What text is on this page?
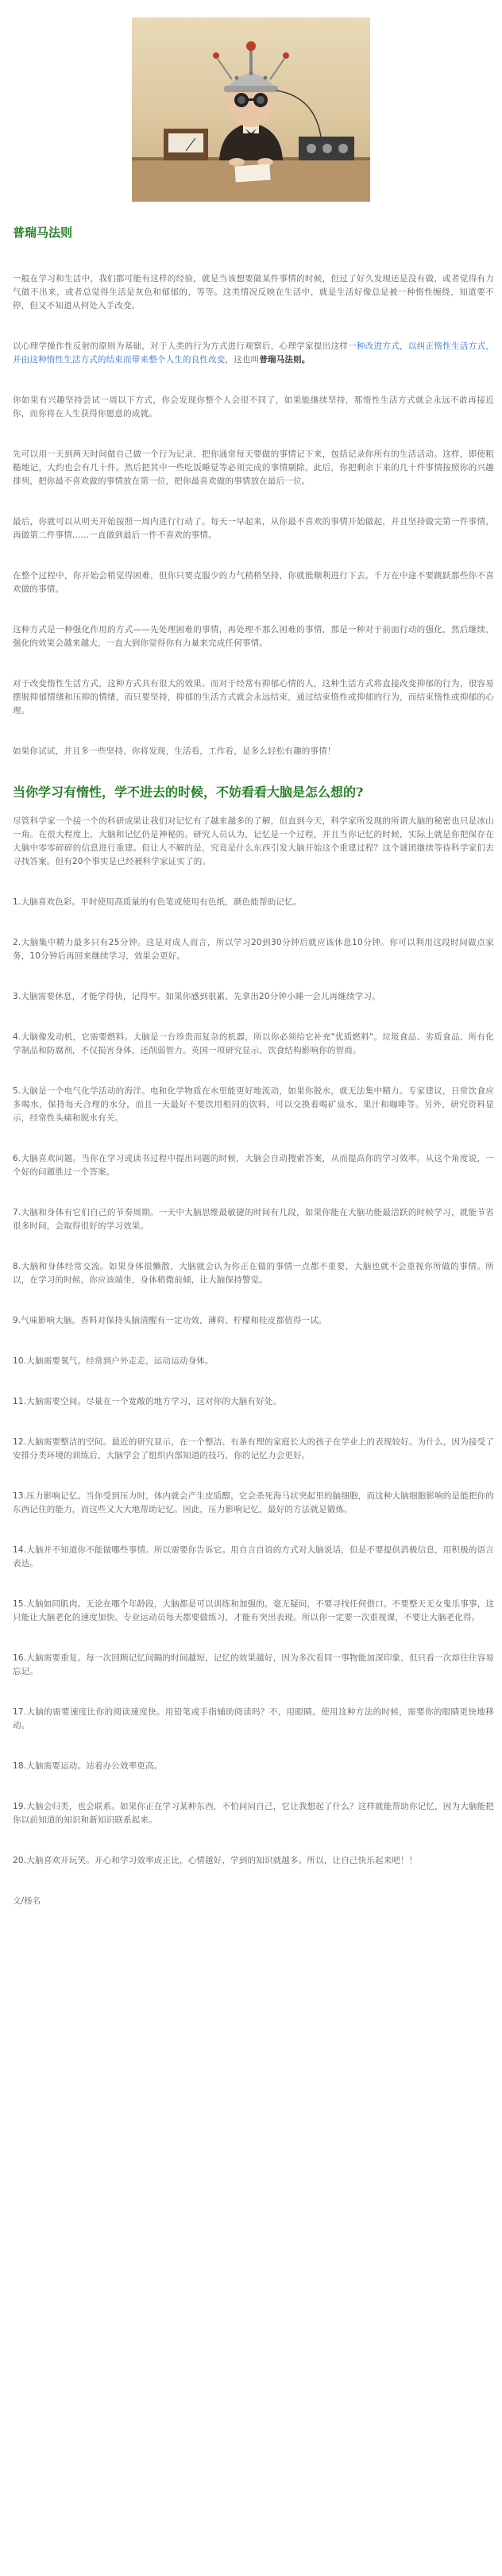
普瑞马法则

一般在学习和生活中，我们都可能有这样的经验，就是当该想要做某件事情的时候，但过了好久发现还是没有做，或者觉得有力气做不出来，或者总觉得生活是灰色和郁郁的，等等。这类情况反映在生活中，就是生活好像总是被一种惰性缠绕，知道要不停，但又不知道从何处入手改变。

以心理学操作性反射的原则为基础，对于人类的行为方式进行观察后，心理学家提出这样一种改进方式，以纠正惰性生活方式，并由这种惰性生活方式的结束而带来整个人生的良性改变，这也叫普瑞马法则。

你如果有兴趣坚持尝试一周以下方式，你会发现你整个人会很不同了，如果能继续坚持，那惰性生活方式就会永远不敢再接近你，而你将在人生获得你愿意的成就。

先可以用一天到两天时间做自己做一个行为记录，把你通常每天要做的事情记下来，包括记录你所有的生活活动。这样，即使粗糙地记，大约也会有几十件。然后把其中一些吃饭睡觉等必须完成的事情剔除。此后，你把剩余下来的几十件事情按照你的兴趣排列，把你最不喜欢做的事情放在第一位，把你最喜欢做的事情放在最后一位。

最后，你就可以从明天开始按照一周内进行行动了。每天一早起来，从你最不喜欢的事情开始做起，并且坚持做完第一件事情，再做第二件事情……一直做到最后一件不喜欢的事情。

在整个过程中，你开始会稍觉得困难，但你只要克服少的力气稍稍坚持，你就能顺利进行下去。千万在中途不要跳跃那些你不喜欢做的事情。

这种方式是一种强化作用的方式——先处理困难的事情，再处理不那么困难的事情，那是一种对于前面行动的强化，然后继续，强化的效果会越来越大，一直大到你觉得你有力量来完成任何事情。

对于改变惰性生活方式，这种方式具有很大的效果。而对于经常有抑郁心情的人，这种生活方式将直接改变抑郁的行为，很容易摆脱抑郁情绪和压抑的情绪，而只要坚持，抑郁的生活方式就会永远结束，通过结束惰性或抑郁的行为，而结束惰性或抑郁的心理。

如果你试试，并且多一些坚持，你将发现，生活看，工作看，是多么轻松有趣的事情！

当你学习有惰性，学不进去的时候，不妨看看大脑是怎么想的?

尽管科学家一个接一个的科研成果让我们对记忆有了越来越多的了解，但直到今天，科学家所发现的所谓大脑的秘密也只是冰山一角。在很大程度上，大脑和记忆仍是神秘的。研究人员认为，记忆是一个过程，并且当你记忆的时候，实际上就是你把保存在大脑中零零碎碎的信息进行重建。但让人不解的是，究竟是什么东西引发大脑开始这个重建过程？这个谜团继续等待科学家们去寻找答案。但有20个事实是已经被科学家证实了的。

1.大脑喜欢色彩。平时使用高质量的有色笔或使用有色纸，颜色能帮助记忆。

2.大脑集中精力最多只有25分钟。这是对成人而言，所以学习20到30分钟后就应该休息10分钟。你可以利用这段时间做点家务，10分钟后再回来继续学习，效果会更好。

3.大脑需要休息，才能学得快，记得牢。如果你感到很累，先拿出20分钟小睡一会儿再继续学习。

4.大脑像发动机，它需要燃料。大脑是一台珍贵而复杂的机器，所以你必须给它补充"优质燃料"。垃圾食品、劣质食品、所有化学制品和防腐剂，不仅损害身体，还削弱智力。英国一项研究显示，饮食结构影响你的智商。

5.大脑是一个电气化学活动的海洋。电和化学物质在水里能更好地流动，如果你脱水，就无法集中精力。专家建议，日常饮食应多喝水，保持每天合理的水分，而且一天最好不要饮用相同的饮料，可以交换着喝矿泉水、果汁和咖啡等。另外，研究资料显示，经常性头痛和脱水有关。

6.大脑喜欢问题。当你在学习或读书过程中提出问题的时候，大脑会自动搜索答案，从而提高你的学习效率。从这个角度说，一个好的问题胜过一个答案。

7.大脑和身体有它们自己的节奏周期。一天中大脑思维最敏捷的时间有几段，如果你能在大脑功能最活跃的时候学习，就能节省很多时间，会取得很好的学习效果。

8.大脑和身体经常交流。如果身体很懒散，大脑就会认为你正在做的事情一点都不重要，大脑也就不会重视你所做的事情。所以，在学习的时候，你应该端坐，身体稍微前倾，让大脑保持警觉。

9.气味影响大脑。香料对保持头脑清醒有一定功效，薄荷、柠檬和桂皮都值得一试。

10.大脑需要氧气。经常到户外走走，运动运动身体。

11.大脑需要空间。尽量在一个宽敞的地方学习，这对你的大脑有好处。

12.大脑需要整洁的空间。最近的研究显示，在一个整洁、有条有理的家庭长大的孩子在学业上的表现较好。为什么，因为接受了安排分类环境的训练后，大脑学会了组织内部知道的技巧，你的记忆力会更好。

13.压力影响记忆。当你受到压力时，体内就会产生皮质醇，它会杀死海马状突起里的脑细胞，而这种大脑细胞影响的是能把你的东西记住的能力，而这些又大大地帮助记忆。因此，压力影响记忆，最好的方法就是锻炼。

14.大脑并不知道你不能做哪些事情。所以需要你告诉它。用自言自语的方式对大脑说话，但是不要提供消极信息，用积极的语言表达。

15.大脑如同肌肉。无论在哪个年龄段，大脑都是可以训练和加强的。毫无疑问，不要寻找任何借口。不要整天无女鬼乐事事，这只能让大脑老化的速度加快。专业运动员每天都要做练习，才能有突出表现。所以你一定要一次重视课，不要让大脑老化得。

16.大脑需要重复。每一次回顾记忆间隔的时间越短，记忆的效果越好，因为多次看同一事物能加深印象，但只看一次却往往容易忘记。

17.大脑的需要速度比你的阅读速度快。用铅笔或手指辅助阅读吗？不，用眼睛。使用这种方法的时候，需要你的眼睛更快地移动。

18.大脑需要运动。站着办公效率更高。

19.大脑会归类，也会联系。如果你正在学习某种东西，不怕问问自己，它让我想起了什么？这样就能帮助你记忆，因为大脑能把你以前知道的知识和新知识联系起来。

20.大脑喜欢开玩笑。开心和学习效率成正比，心情越好，学到的知识就越多。所以，让自己快乐起来吧！！

文/杨名
